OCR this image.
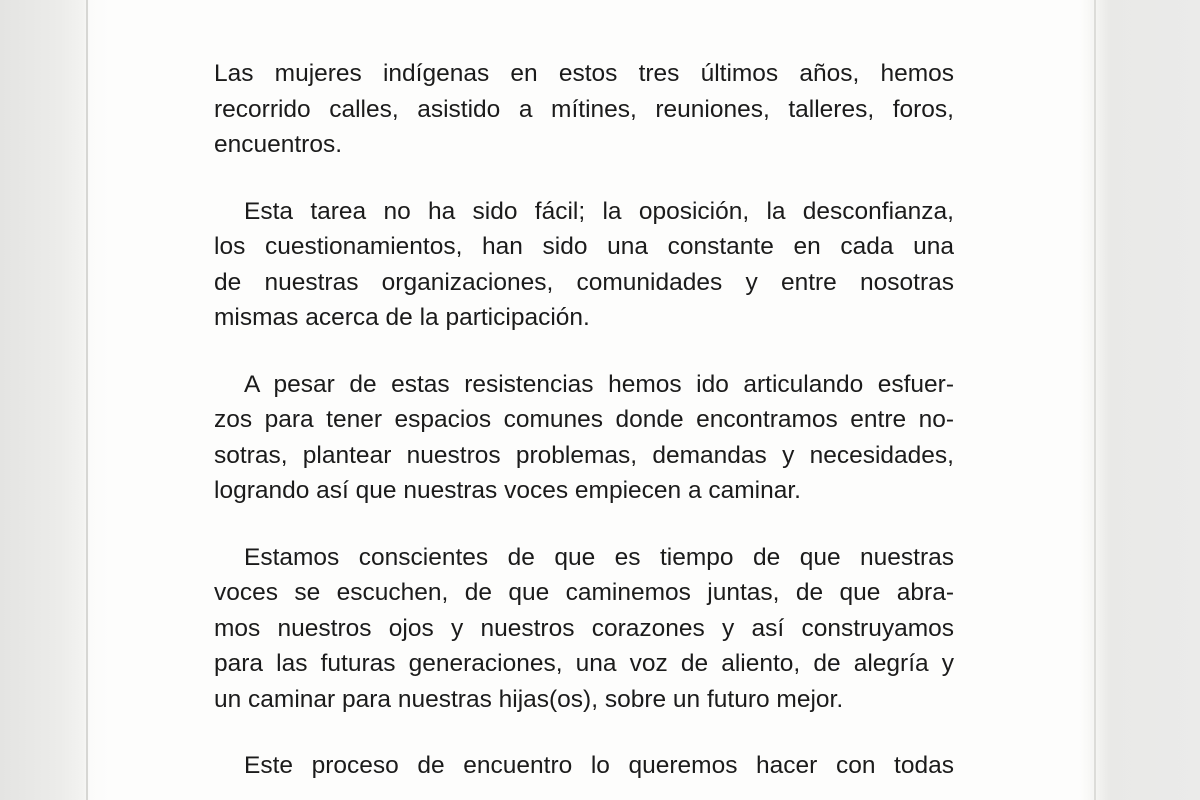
Las mujeres indígenas en estos tres últimos años, hemos
recorrido calles, asistido a mítines, reuniones, talleres, foros,
encuentros.

Esta tarea no ha sido fácil; la oposición, la desconfianza,
los cuestionamientos, han sido una constante en cada una
de nuestras organizaciones, comunidades y entre nosotras
mismas acerca de la participación.

A pesar de estas resistencias hemos ido articulando esfuer-
zos para tener espacios comunes donde encontramos entre no-
sotras, plantear nuestros problemas, demandas y necesidades,
logrando así que nuestras voces empiecen a caminar.

Estamos conscientes de que es tiempo de que nuestras
voces se escuchen, de que caminemos juntas, de que abra-
mos nuestros ojos y nuestros corazones y así construyamos
para las futuras generaciones, una voz de aliento, de alegría y
un caminar para nuestras hijas(os), sobre un futuro mejor.

Este proceso de encuentro lo queremos hacer con todas
